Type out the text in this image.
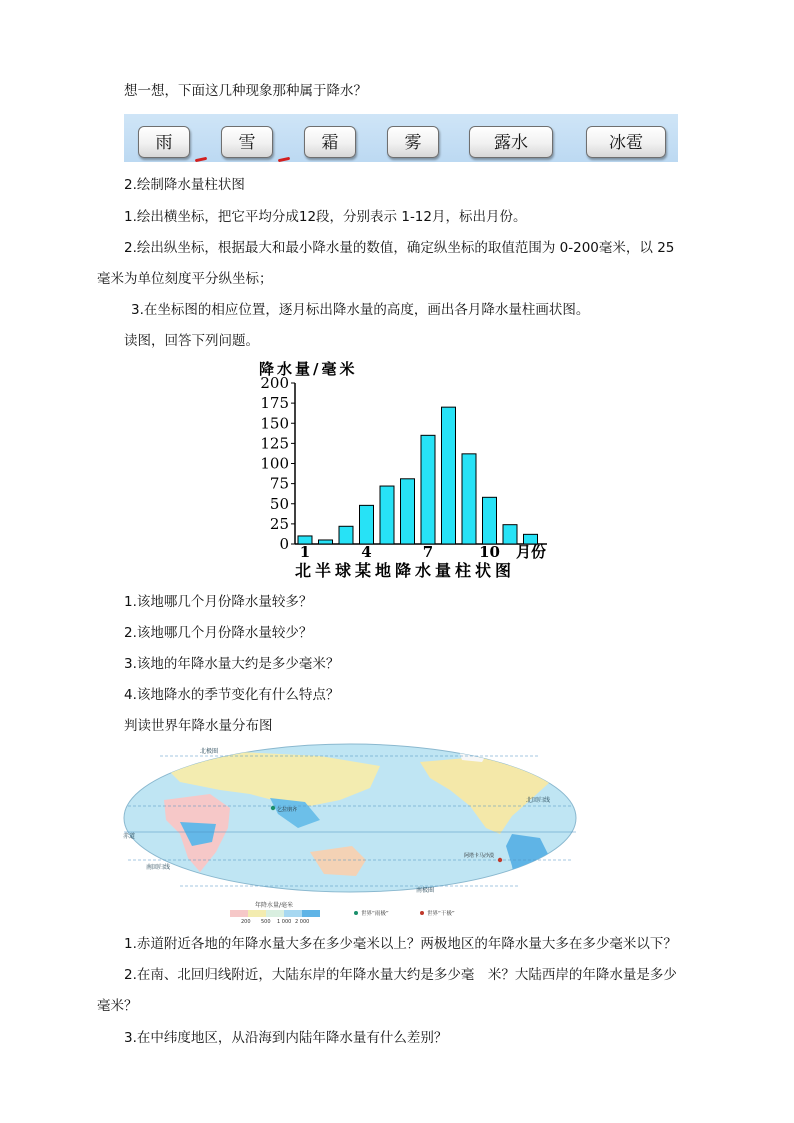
想一想，下面这几种现象那种属于降水？
雨	雪	霜	雾	露水	冰雹
2.绘制降水量柱状图
1.绘出横坐标，把它平均分成12段，分别表示 1-12月，标出月份。
2.绘出纵坐标，根据最大和最小降水量的数值，确定纵坐标的取值范围为 0-200毫米，以 25
毫米为单位刻度平分纵坐标；
3.在坐标图的相应位置，逐月标出降水量的高度，画出各月降水量柱画状图。
读图，回答下列问题。
降水量/毫米
0
25
50
75
100
125
150
175
200
1	4	7	10 月份
北半球某地降水量柱状图
1.该地哪几个月份降水量较多？
2.该地哪几个月份降水量较少？
3.该地的年降水量大约是多少毫米？
4.该地降水的季节变化有什么特点？
判读世界年降水量分布图
北极圈
北回归线
赤道
南回归线
南极圈
乞拉朋齐
阿塔卡马沙漠
年降水量/毫米
200 500 1 000 2 000
世界“雨极”	世界“干极”
1.赤道附近各地的年降水量大多在多少毫米以上？两极地区的年降水量大多在多少毫米以下？
2.在南、北回归线附近，大陆东岸的年降水量大约是多少毫　米？大陆西岸的年降水量是多少
毫米？
3.在中纬度地区，从沿海到内陆年降水量有什么差别？
